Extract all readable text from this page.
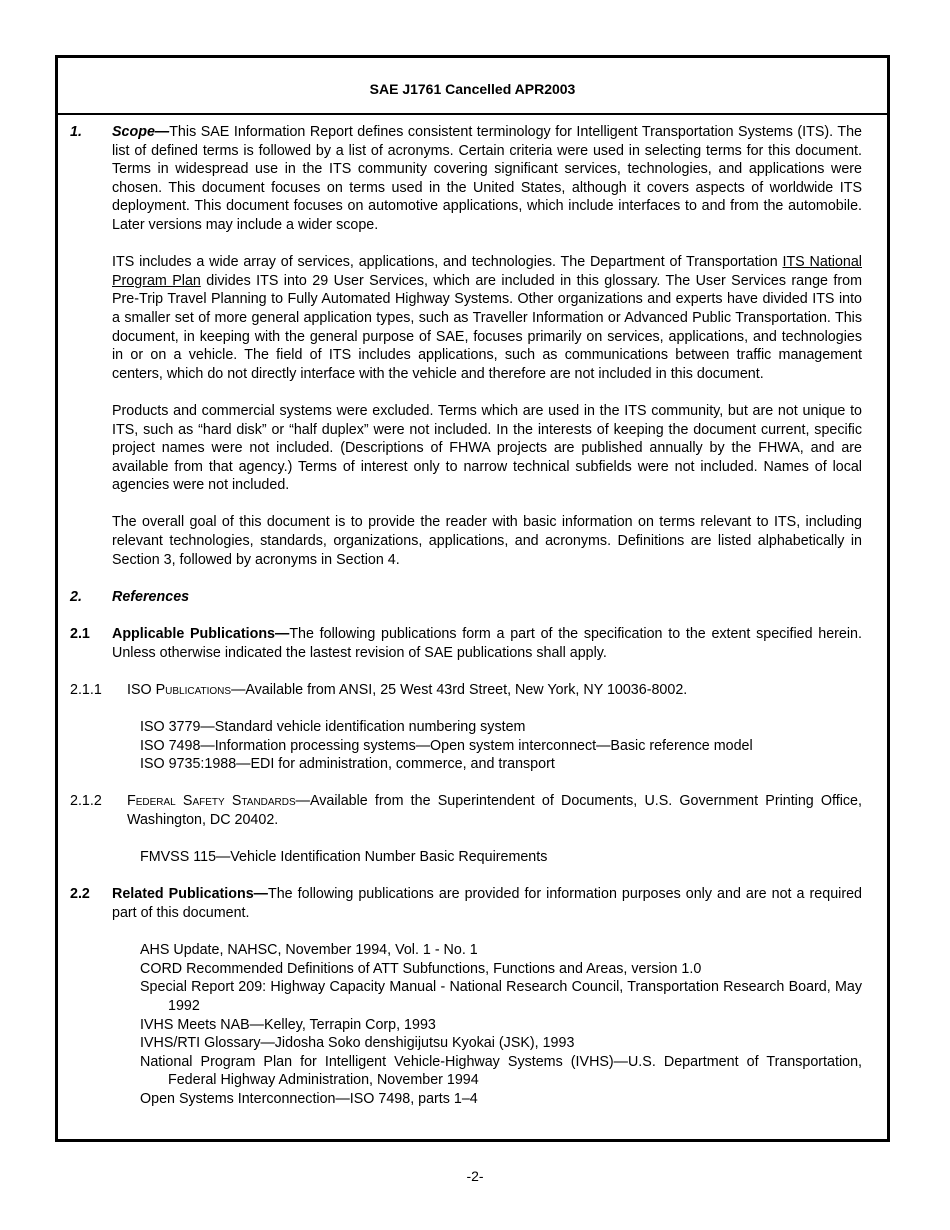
SAE J1761 Cancelled APR2003
1.	Scope—This SAE Information Report defines consistent terminology for Intelligent Transportation Systems (ITS). The list of defined terms is followed by a list of acronyms. Certain criteria were used in selecting terms for this document. Terms in widespread use in the ITS community covering significant services, technologies, and applications were chosen. This document focuses on terms used in the United States, although it covers aspects of worldwide ITS deployment. This document focuses on automotive applications, which include interfaces to and from the automobile. Later versions may include a wider scope.

ITS includes a wide array of services, applications, and technologies. The Department of Transportation ITS National Program Plan divides ITS into 29 User Services, which are included in this glossary. The User Services range from Pre-Trip Travel Planning to Fully Automated Highway Systems. Other organizations and experts have divided ITS into a smaller set of more general application types, such as Traveller Information or Advanced Public Transportation. This document, in keeping with the general purpose of SAE, focuses primarily on services, applications, and technologies in or on a vehicle. The field of ITS includes applications, such as communications between traffic management centers, which do not directly interface with the vehicle and therefore are not included in this document.

Products and commercial systems were excluded. Terms which are used in the ITS community, but are not unique to ITS, such as “hard disk” or “half duplex” were not included. In the interests of keeping the document current, specific project names were not included. (Descriptions of FHWA projects are published annually by the FHWA, and are available from that agency.) Terms of interest only to narrow technical subfields were not included. Names of local agencies were not included.

The overall goal of this document is to provide the reader with basic information on terms relevant to ITS, including relevant technologies, standards, organizations, applications, and acronyms. Definitions are listed alphabetically in Section 3, followed by acronyms in Section 4.

2.	References
2.1	Applicable Publications—The following publications form a part of the specification to the extent specified herein. Unless otherwise indicated the lastest revision of SAE publications shall apply.

2.1.1	ISO Publications—Available from ANSI, 25 West 43rd Street, New York, NY 10036-8002.

ISO 3779—Standard vehicle identification numbering system
ISO 7498—Information processing systems—Open system interconnect—Basic reference model
ISO 9735:1988—EDI for administration, commerce, and transport
2.1.2	Federal Safety Standards—Available from the Superintendent of Documents, U.S. Government Printing Office, Washington, DC 20402.

FMVSS 115—Vehicle Identification Number Basic Requirements
2.2	Related Publications—The following publications are provided for information purposes only and are not a required part of this document.

AHS Update, NAHSC, November 1994, Vol. 1 - No. 1

CORD Recommended Definitions of ATT Subfunctions, Functions and Areas, version 1.0

Special Report 209: Highway Capacity Manual - National Research Council, Transportation Research Board, May 1992

IVHS Meets NAB—Kelley, Terrapin Corp, 1993

IVHS/RTI Glossary—Jidosha Soko denshigijutsu Kyokai (JSK), 1993

National Program Plan for Intelligent Vehicle-Highway Systems (IVHS)—U.S. Department of Transportation, Federal Highway Administration, November 1994

Open Systems Interconnection—ISO 7498, parts 1–4

-2-
